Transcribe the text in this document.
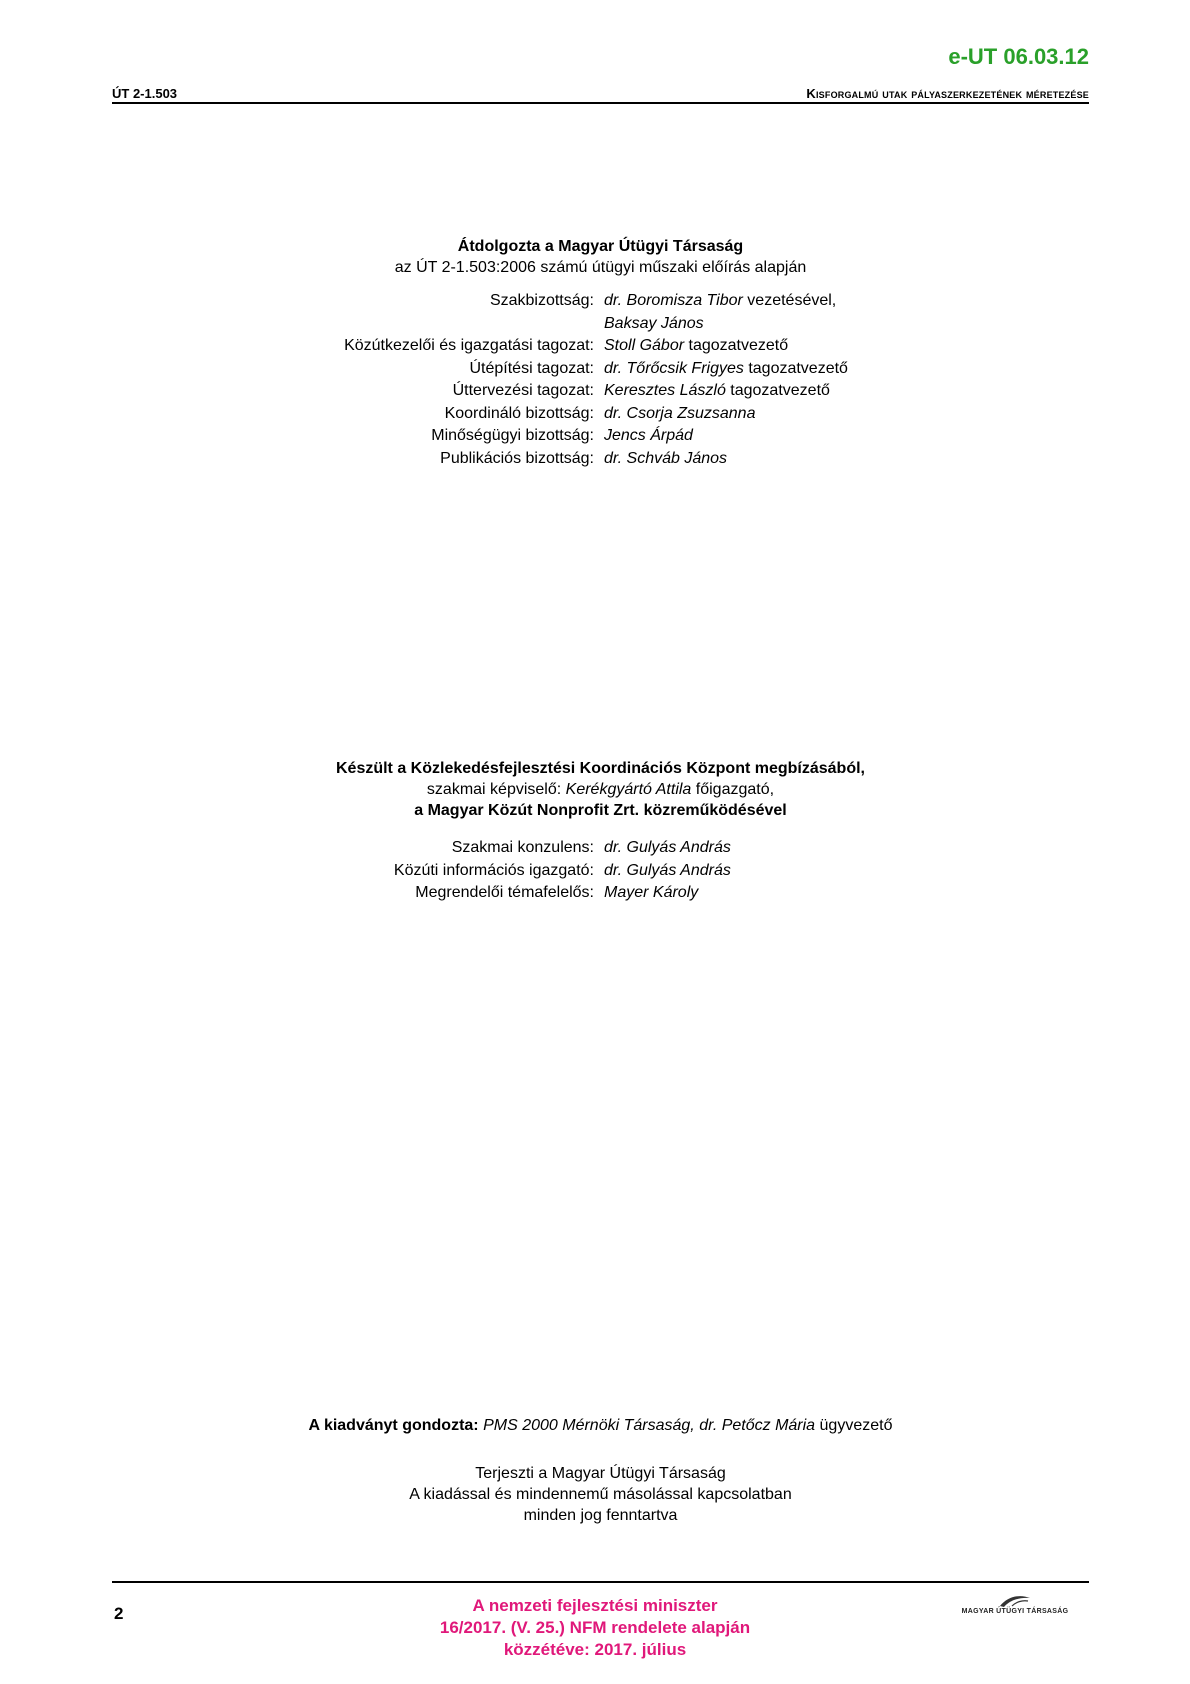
e-UT 06.03.12
ÚT 2-1.503	Kisforgalmú utak pályaszerkezetének méretezése
Átdolgozta a Magyar Útügyi Társaság
az ÚT 2-1.503:2006 számú útügyi műszaki előírás alapján
Szakbizottság: dr. Boromisza Tibor vezetésével,
Baksay János
Közútkezelői és igazgatási tagozat: Stoll Gábor tagozatvezető
Útépítési tagozat: dr. Tőrőcsik Frigyes tagozatvezető
Úttervezési tagozat: Keresztes László tagozatvezető
Koordináló bizottság: dr. Csorja Zsuzsanna
Minőségügyi bizottság: Jencs Árpád
Publikációs bizottság: dr. Schváb János
Készült a Közlekedésfejlesztési Koordinációs Központ megbízásából,
szakmai képviselő: Kerékgyártó Attila főigazgató,
a Magyar Közút Nonprofit Zrt. közreműködésével
Szakmai konzulens: dr. Gulyás András
Közúti információs igazgató: dr. Gulyás András
Megrendelői témafelelős: Mayer Károly
A kiadványt gondozta: PMS 2000 Mérnöki Társaság, dr. Petőcz Mária ügyvezető
Terjeszti a Magyar Útügyi Társaság
A kiadással és mindennemű másolással kapcsolatban
minden jog fenntartva
2	A nemzeti fejlesztési miniszter
16/2017. (V. 25.) NFM rendelete alapján
közzétéve: 2017. július
MAGYAR ÚTÜGYI TÁRSASÁG
